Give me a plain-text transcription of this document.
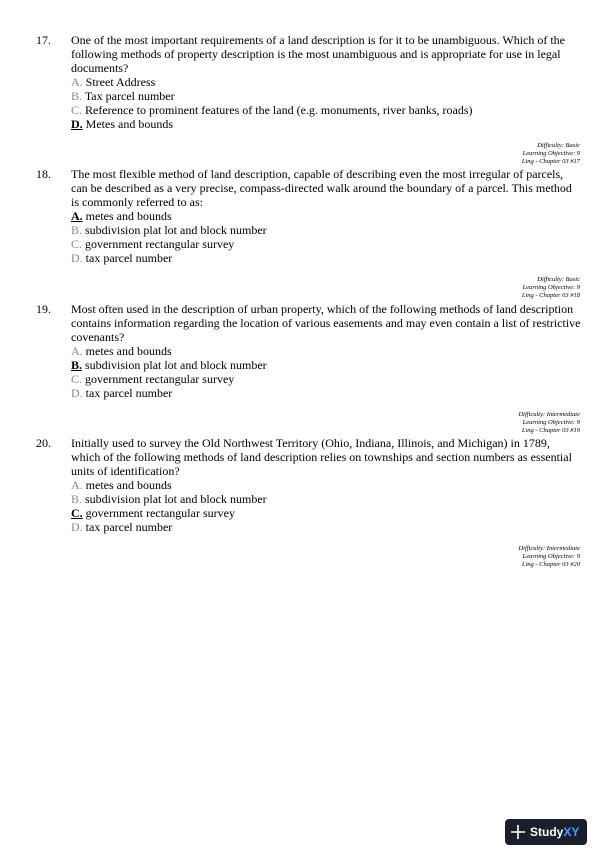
17. One of the most important requirements of a land description is for it to be unambiguous. Which of the following methods of property description is the most unambiguous and is appropriate for use in legal documents?

A. Street Address
B. Tax parcel number
C. Reference to prominent features of the land (e.g. monuments, river banks, roads)
D. Metes and bounds
Difficulty: Basic
Learning Objective: 9
Ling - Chapter 03 #17
18. The most flexible method of land description, capable of describing even the most irregular of parcels, can be described as a very precise, compass-directed walk around the boundary of a parcel. This method is commonly referred to as:

A. metes and bounds
B. subdivision plat lot and block number
C. government rectangular survey
D. tax parcel number
Difficulty: Basic
Learning Objective: 9
Ling - Chapter 03 #18
19. Most often used in the description of urban property, which of the following methods of land description contains information regarding the location of various easements and may even contain a list of restrictive covenants?

A. metes and bounds
B. subdivision plat lot and block number
C. government rectangular survey
D. tax parcel number
Difficulty: Intermediate
Learning Objective: 9
Ling - Chapter 03 #19
20. Initially used to survey the Old Northwest Territory (Ohio, Indiana, Illinois, and Michigan) in 1789, which of the following methods of land description relies on townships and section numbers as essential units of identification?

A. metes and bounds
B. subdivision plat lot and block number
C. government rectangular survey
D. tax parcel number
Difficulty: Intermediate
Learning Objective: 9
Ling - Chapter 03 #20
StudyXY
